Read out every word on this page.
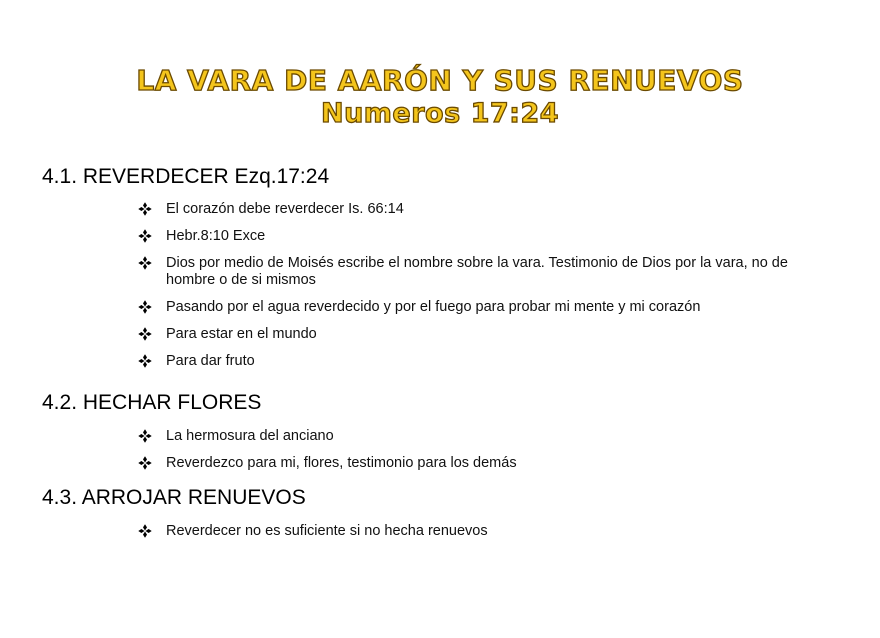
LA VARA DE AARÓN Y SUS RENUEVOS
Numeros 17:24

4.1. REVERDECER Ezq.17:24

El corazón debe reverdecer Is. 66:14
Hebr.8:10 Exce
Dios por medio de Moisés escribe el nombre sobre la vara. Testimonio de Dios por la vara, no de hombre o de si mismos
Pasando por el agua reverdecido y por el fuego para probar mi mente y mi corazón
Para estar en el mundo
Para dar fruto

4.2. HECHAR FLORES

La hermosura del anciano
Reverdezco para mi, flores, testimonio para los demás

4.3. ARROJAR RENUEVOS

Reverdecer no es suficiente si no hecha renuevos
